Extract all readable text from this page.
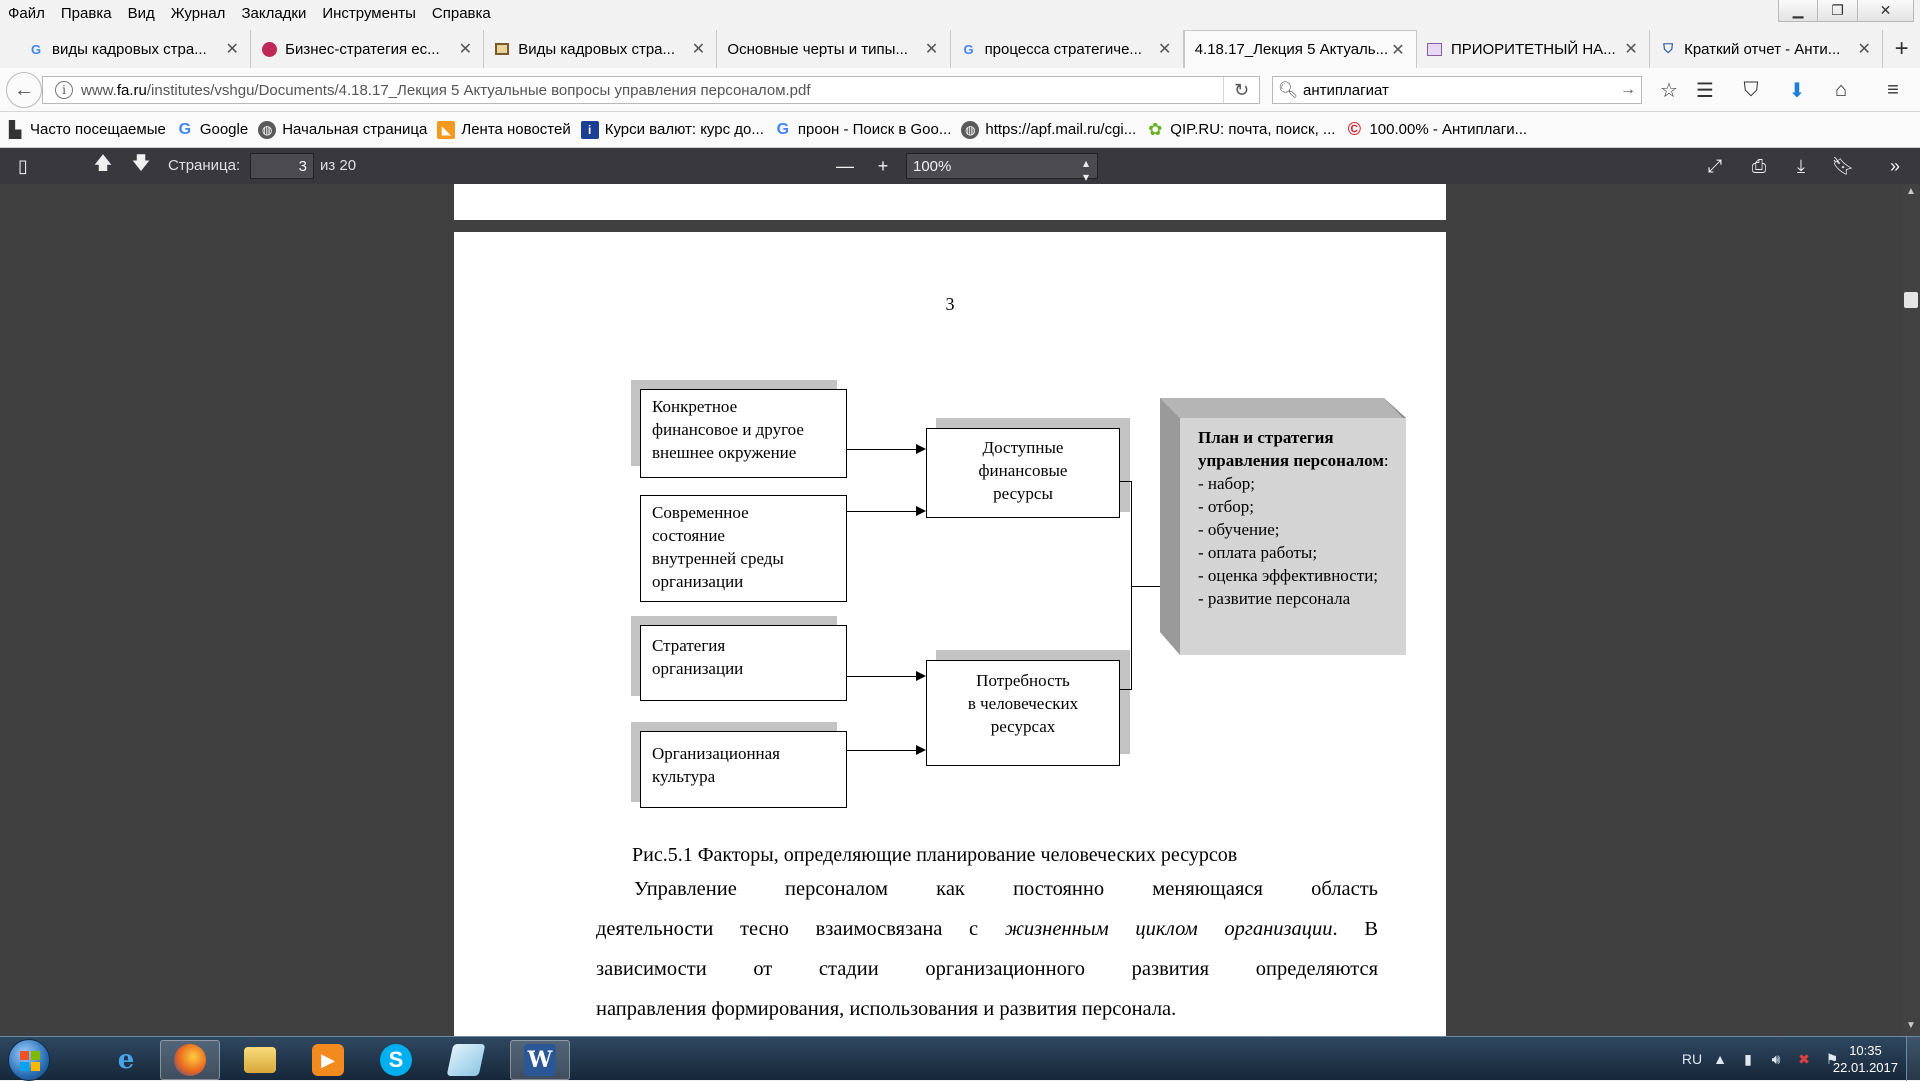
Файл	Правка	Вид	Журнал	Закладки	Инструменты	Справка	▁ ❐	✕
G виды кадровых стра...	✕	Бизнес-стратегия ес...	✕	Виды кадровых стра...	✕ Основные черты и типы...	✕ G процесса стратегиче...	✕ 4.18.17_Лекция 5 Актуаль... ✕	ПРИОРИТЕТНЫЙ НА... ✕ ⛉ Краткий отчет - Анти...	✕ +
i	www.fa.ru/institutes/vshgu/Documents/4.18.17_Лекция 5 Актуальные вопросы управления персоналом.pdf	↻
←	🔍︎ антиплагиат	→ ☆ ☰ ⛉ ⬇ ⌂ ≡
▙ Часто посещаемые G Google	◍ Начальная страница	◣ Лента новостей	i Курси валют: курс до... G проон - Поиск в Goo...	◍ https://apf.mail.ru/cgi... ✿ QIP.RU: почта, поиск, ... © 100.00% - Антиплаги...
▯	🡅 🡇 Страница:
3	из 20	— + 100%	▴
▾
⤢ ⎙ ⤓ 🔖︎ »
3
Конкретное
финансовое и другое
внешнее окружение
Современное
состояние
внутренней среды
организации
Стратегия
организации
Организационная
культура
Доступные
финансовые
ресурсы
Потребность
в человеческих
ресурсах
План и стратегия управления персоналом:
- набор;
- отбор;
- обучение;
- оплата работы;
- оценка эффективности;
- развитие персонала
Рис.5.1 Факторы, определяющие планирование человеческих ресурсов
Управление персоналом как постоянно меняющаяся область
деятельности тесно взаимосвязана с жизненным циклом организации. В
зависимости от стадии организационного развития определяются
направления формирования, использования и развития персонала.
▲
▼
e	▶	S	W	RU ▲	▮	🔊︎	✖	⚑ 10:35
22.01.2017
